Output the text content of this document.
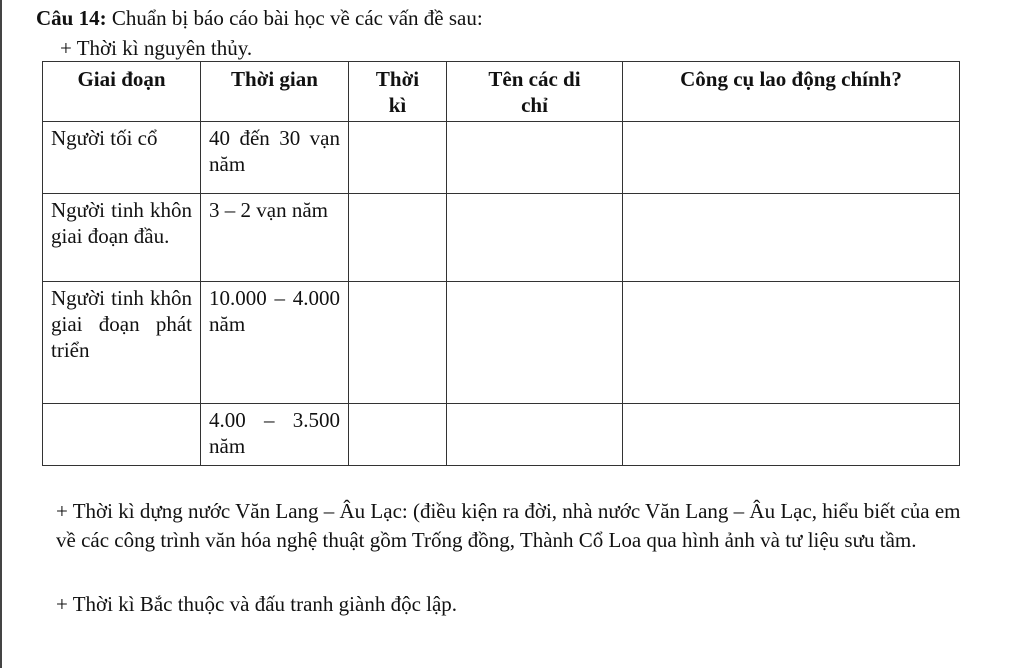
Câu 14: Chuẩn bị báo cáo bài học về các vấn đề sau:
+ Thời kì nguyên thủy.
Giai đoạn	Thời gian	Thời kì	Tên các di chỉ	Công cụ lao động chính?
Người tối cổ	40 đến 30 vạn năm			
Người tinh khôn giai đoạn đầu.	3 – 2 vạn năm			
Người tinh khôn giai đoạn phát triển	10.000 – 4.000 năm			
	4.00 – 3.500 năm			
+ Thời kì dựng nước Văn Lang – Âu Lạc: (điều kiện ra đời, nhà nước Văn Lang – Âu Lạc, hiểu biết của em về các công trình văn hóa nghệ thuật gồm Trống đồng, Thành Cổ Loa qua hình ảnh và tư liệu sưu tầm.
+ Thời kì Bắc thuộc và đấu tranh giành độc lập.
